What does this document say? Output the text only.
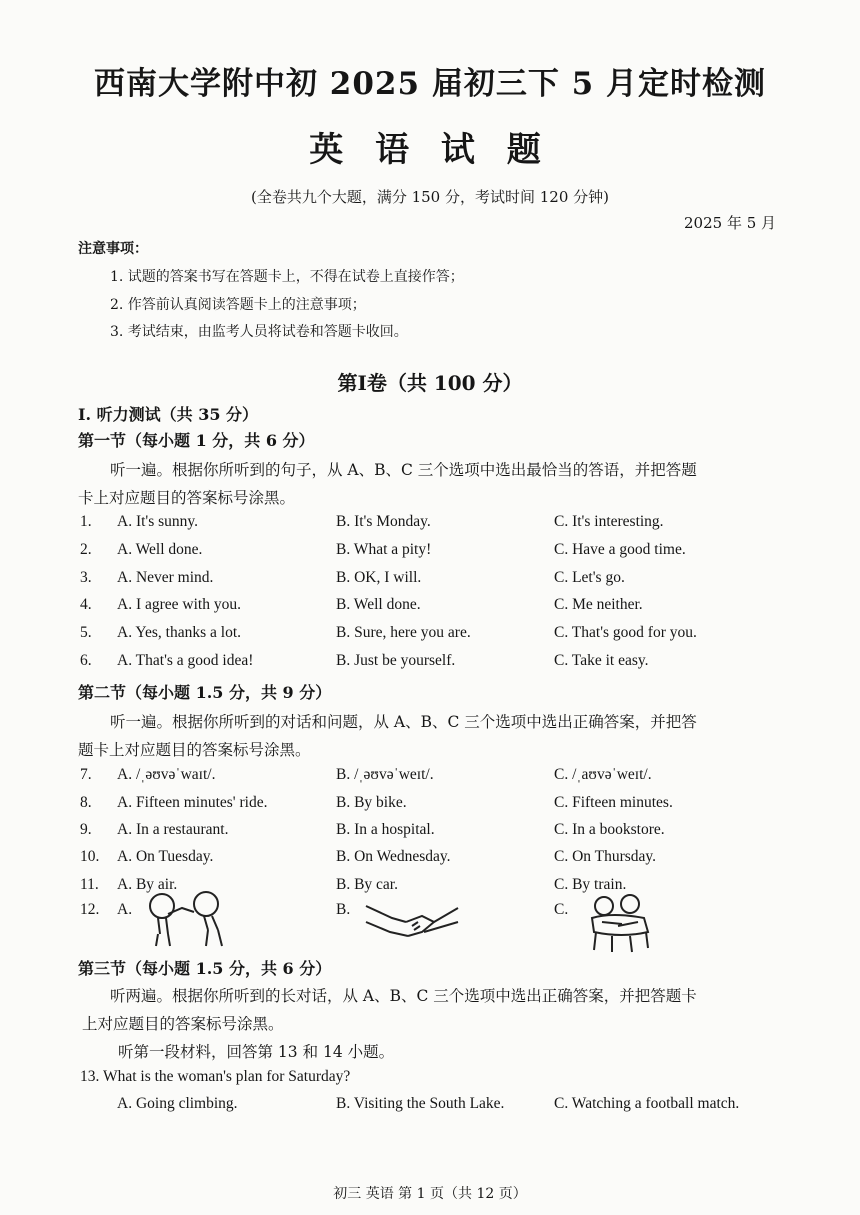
西南大学附中初 2025 届初三下 5 月定时检测
英 语 试 题
(全卷共九个大题，满分 150 分，考试时间 120 分钟)
2025 年 5 月
注意事项：
1. 试题的答案书写在答题卡上，不得在试卷上直接作答；
2. 作答前认真阅读答题卡上的注意事项；
3. 考试结束，由监考人员将试卷和答题卡收回。
第Ⅰ卷（共 100 分）
I. 听力测试（共 35 分）
第一节（每小题 1 分，共 6 分）
听一遍。根据你所听到的句子，从 A、B、C 三个选项中选出最恰当的答语，并把答题
卡上对应题目的答案标号涂黑。
1. A. It's sunny.	B. It's Monday.	C. It's interesting.
2. A. Well done.	B. What a pity!	C. Have a good time.
3. A. Never mind.	B. OK, I will.	C. Let's go.
4. A. I agree with you.	B. Well done.	C. Me neither.
5. A. Yes, thanks a lot.	B. Sure, here you are.	C. That's good for you.
6. A. That's a good idea!	B. Just be yourself.	C. Take it easy.
7. A. /ˌəʊvəˈwaɪt/.	B. /ˌəʊvəˈweɪt/.	C. /ˌaʊvəˈweɪt/.
8. A. Fifteen minutes' ride.	B. By bike.	C. Fifteen minutes.
9. A. In a restaurant.	B. In a hospital.	C. In a bookstore.
10. A. On Tuesday.	B. On Wednesday.	C. On Thursday.
11. A. By air.	B. By car.	C. By train.
第二节（每小题 1.5 分，共 9 分）
听一遍。根据你所听到的对话和问题，从 A、B、C 三个选项中选出正确答案，并把答
题卡上对应题目的答案标号涂黑。
12. A.	B.	C.
第三节（每小题 1.5 分，共 6 分）
听两遍。根据你所听到的长对话，从 A、B、C 三个选项中选出正确答案，并把答题卡
上对应题目的答案标号涂黑。
听第一段材料，回答第 13 和 14 小题。
13. What is the woman's plan for Saturday?
A. Going climbing.	B. Visiting the South Lake.	C. Watching a football match.
初三 英语 第 1 页（共 12 页）
